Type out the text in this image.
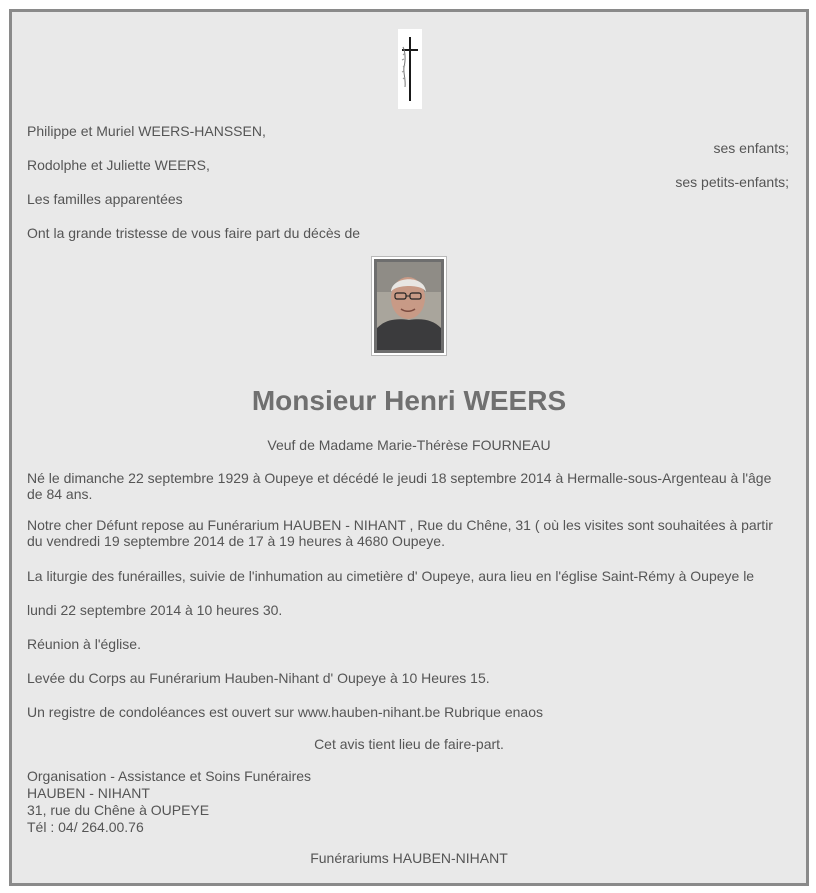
Philippe et Muriel WEERS-HANSSEN,
ses enfants;
Rodolphe et Juliette WEERS,
ses petits-enfants;
Les familles apparentées
Ont la grande tristesse de vous faire part du décès de
Monsieur Henri WEERS
Veuf de Madame Marie-Thérèse FOURNEAU
Né le dimanche 22 septembre 1929 à Oupeye et décédé le jeudi 18 septembre 2014 à Hermalle-sous-Argenteau à l'âge de 84 ans.
Notre cher Défunt repose au Funérarium HAUBEN - NIHANT , Rue du Chêne, 31 ( où les visites sont souhaitées à partir du vendredi 19 septembre 2014 de 17 à 19 heures à 4680 Oupeye.
La liturgie des funérailles, suivie de l'inhumation au cimetière d' Oupeye, aura lieu en l'église Saint-Rémy à Oupeye le
lundi 22 septembre 2014 à 10 heures 30.
Réunion à l'église.
Levée du Corps au Funérarium Hauben-Nihant d' Oupeye à 10 Heures 15.
Un registre de condoléances est ouvert sur www.hauben-nihant.be Rubrique enaos
Cet avis tient lieu de faire-part.
Organisation - Assistance et Soins Funéraires
HAUBEN - NIHANT
31, rue du Chêne à OUPEYE
Tél : 04/ 264.00.76
Funérariums HAUBEN-NIHANT
